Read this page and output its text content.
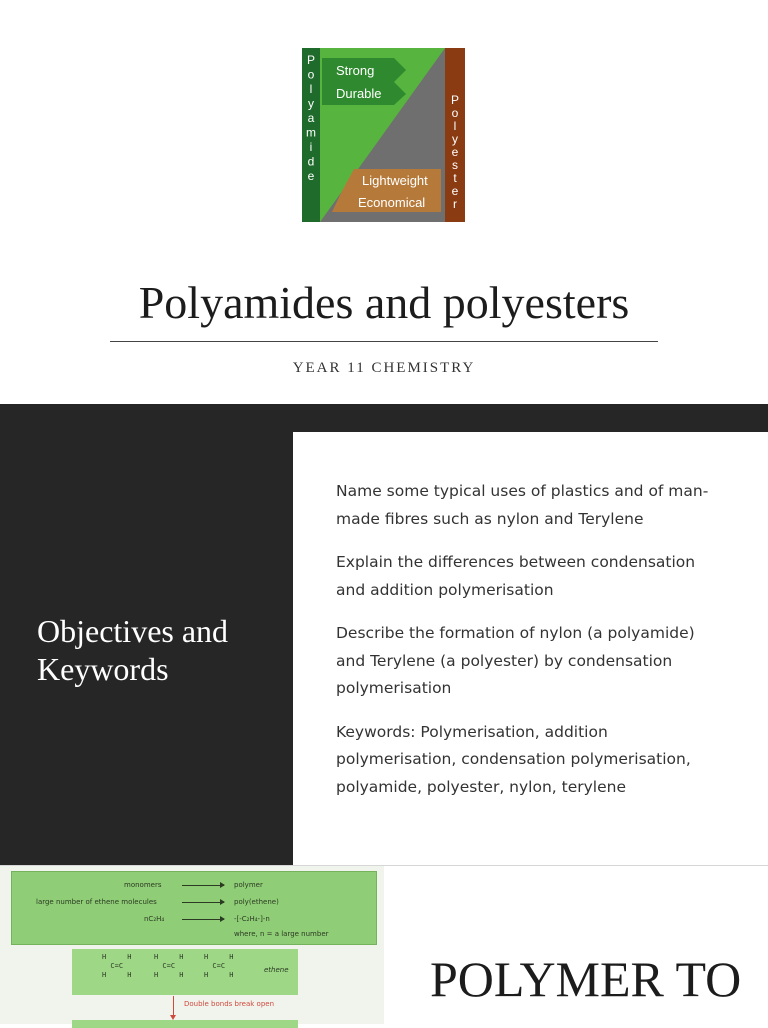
Strong
Durable
Lightweight
Economical
P o l y a m i d e
P o l y e s t e r
Polyamides and polyesters
YEAR 11 CHEMISTRY
Objectives and Keywords

Name some typical uses of plastics and of man-made fibres such as nylon and Terylene

Explain the differences between condensation and addition polymerisation

Describe the formation of nylon (a polyamide) and Terylene (a polyester) by condensation polymerisation

Keywords: Polymerisation, addition polymerisation, condensation polymerisation, polyamide, polyester, nylon, terylene

monomers	polymer
large number of ethene molecules	poly(ethene)
nC₂H₄	-[-C₂H₄-]-n
where, n = a large number
H     H
C=C
H     H
H     H
C=C
H     H
H     H
C=C
H     H
ethene
Double bonds break open	POLYMER TO
